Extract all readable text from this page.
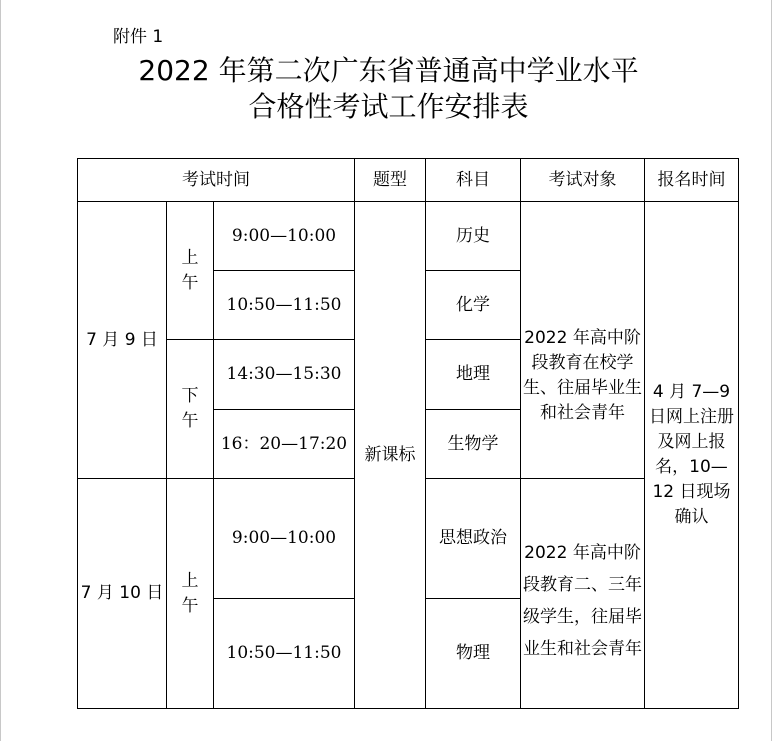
附件 1
2022 年第二次广东省普通高中学业水平
合格性考试工作安排表
考试时间			题型	科目	考试对象	报名时间
7 月 9 日	上午	9:00—10:00	新课标	历史	2022 年高中阶段教育在校学生、往届毕业生和社会青年	4 月 7—9 日网上注册及网上报名，10—12 日现场确认
		10:50—11:50		化学		
	下午	14:30—15:30		地理		
		16：20—17:20		生物学		
7 月 10 日	上午	9:00—10:00		思想政治	2022 年高中阶段教育二、三年级学生，往届毕业生和社会青年	

		10:50—11:50		物理		
